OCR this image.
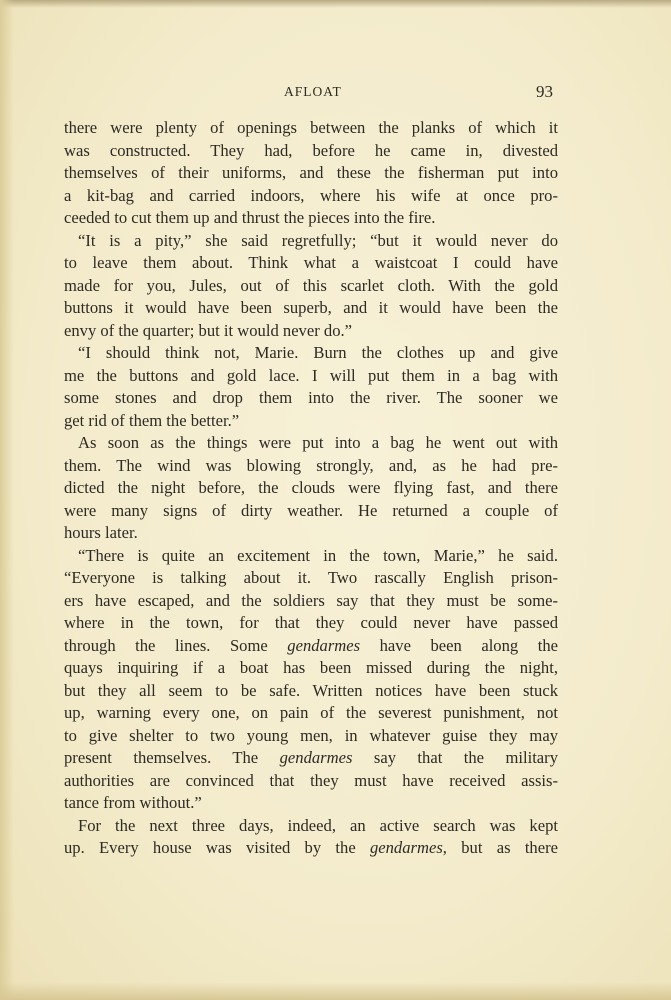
AFLOAT	93
there were plenty of openings between the planks of which it
was constructed. They had, before he came in, divested
themselves of their uniforms, and these the fisherman put into
a kit-bag and carried indoors, where his wife at once pro-
ceeded to cut them up and thrust the pieces into the fire.
“It is a pity,” she said regretfully; “but it would never do
to leave them about. Think what a waistcoat I could have
made for you, Jules, out of this scarlet cloth. With the gold
buttons it would have been superb, and it would have been the
envy of the quarter; but it would never do.”
“I should think not, Marie. Burn the clothes up and give
me the buttons and gold lace. I will put them in a bag with
some stones and drop them into the river. The sooner we
get rid of them the better.”
As soon as the things were put into a bag he went out with
them. The wind was blowing strongly, and, as he had pre-
dicted the night before, the clouds were flying fast, and there
were many signs of dirty weather. He returned a couple of
hours later.
“There is quite an excitement in the town, Marie,” he said.
“Everyone is talking about it. Two rascally English prison-
ers have escaped, and the soldiers say that they must be some-
where in the town, for that they could never have passed
through the lines. Some gendarmes have been along the
quays inquiring if a boat has been missed during the night,
but they all seem to be safe. Written notices have been stuck
up, warning every one, on pain of the severest punishment, not
to give shelter to two young men, in whatever guise they may
present themselves. The gendarmes say that the military
authorities are convinced that they must have received assis-
tance from without.”
For the next three days, indeed, an active search was kept
up. Every house was visited by the gendarmes, but as there
